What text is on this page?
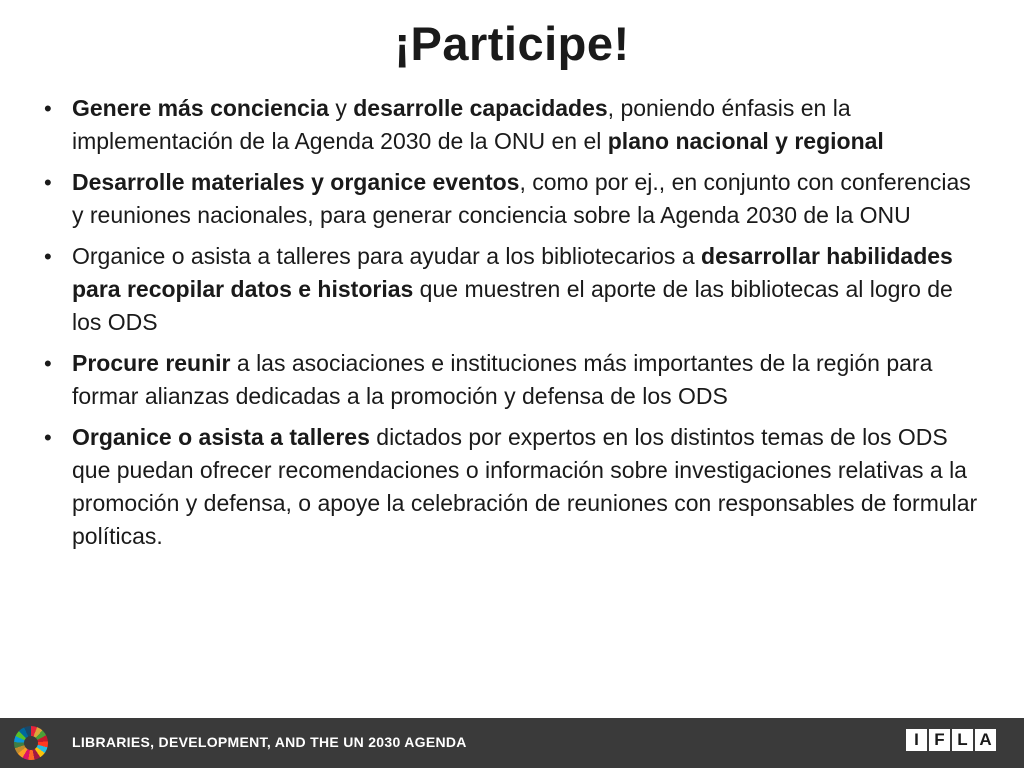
¡Participe!
• Genere más conciencia y desarrolle capacidades, poniendo énfasis en la implementación de la Agenda 2030 de la ONU en el plano nacional y regional
• Desarrolle materiales y organice eventos, como por ej., en conjunto con conferencias y reuniones nacionales, para generar conciencia sobre la Agenda 2030 de la ONU
• Organice o asista a talleres para ayudar a los bibliotecarios a desarrollar habilidades para recopilar datos e historias que muestren el aporte de las bibliotecas al logro de los ODS
• Procure reunir a las asociaciones e instituciones más importantes de la región para formar alianzas dedicadas a la promoción y defensa de los ODS
• Organice o asista a talleres dictados por expertos en los distintos temas de los ODS que puedan ofrecer recomendaciones o información sobre investigaciones relativas a la promoción y defensa, o apoye la celebración de reuniones con responsables de formular políticas.
LIBRARIES, DEVELOPMENT, AND THE UN 2030 AGENDA	I F L A
